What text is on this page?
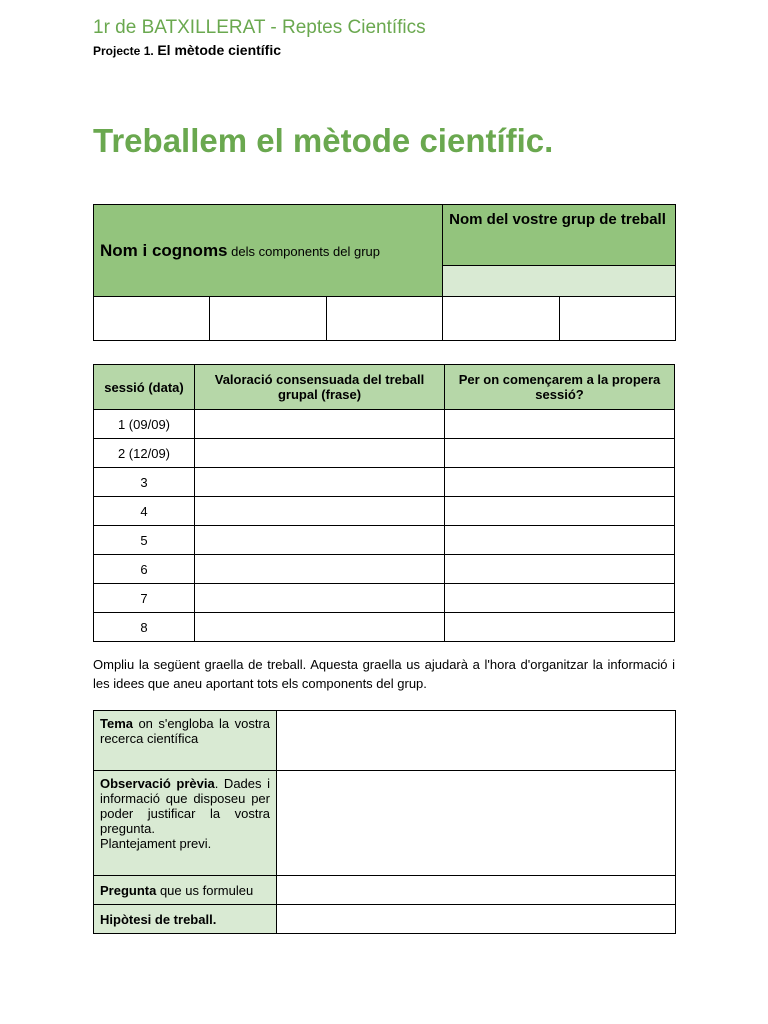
1r de BATXILLERAT - Reptes Científics
Projecte 1. El mètode científic
Treballem el mètode científic.
Nom i cognoms dels components del grup			Nom del vostre grup de treball	

sessió (data)	Valoració consensuada del treball grupal (frase)	Per on començarem a la propera sessió?
1 (09/09)		
2 (12/09)		
3		
4		
5		
6		
7		
8		
Ompliu la següent graella de treball. Aquesta graella us ajudarà a l'hora d'organitzar la informació i les idees que aneu aportant tots els components del grup.
Tema on s'engloba la vostra recerca científica	
Observació prèvia. Dades i informació que disposeu per poder justificar la vostra pregunta.
Plantejament previ.	
Pregunta que us formuleu	
Hipòtesi de treball.	
